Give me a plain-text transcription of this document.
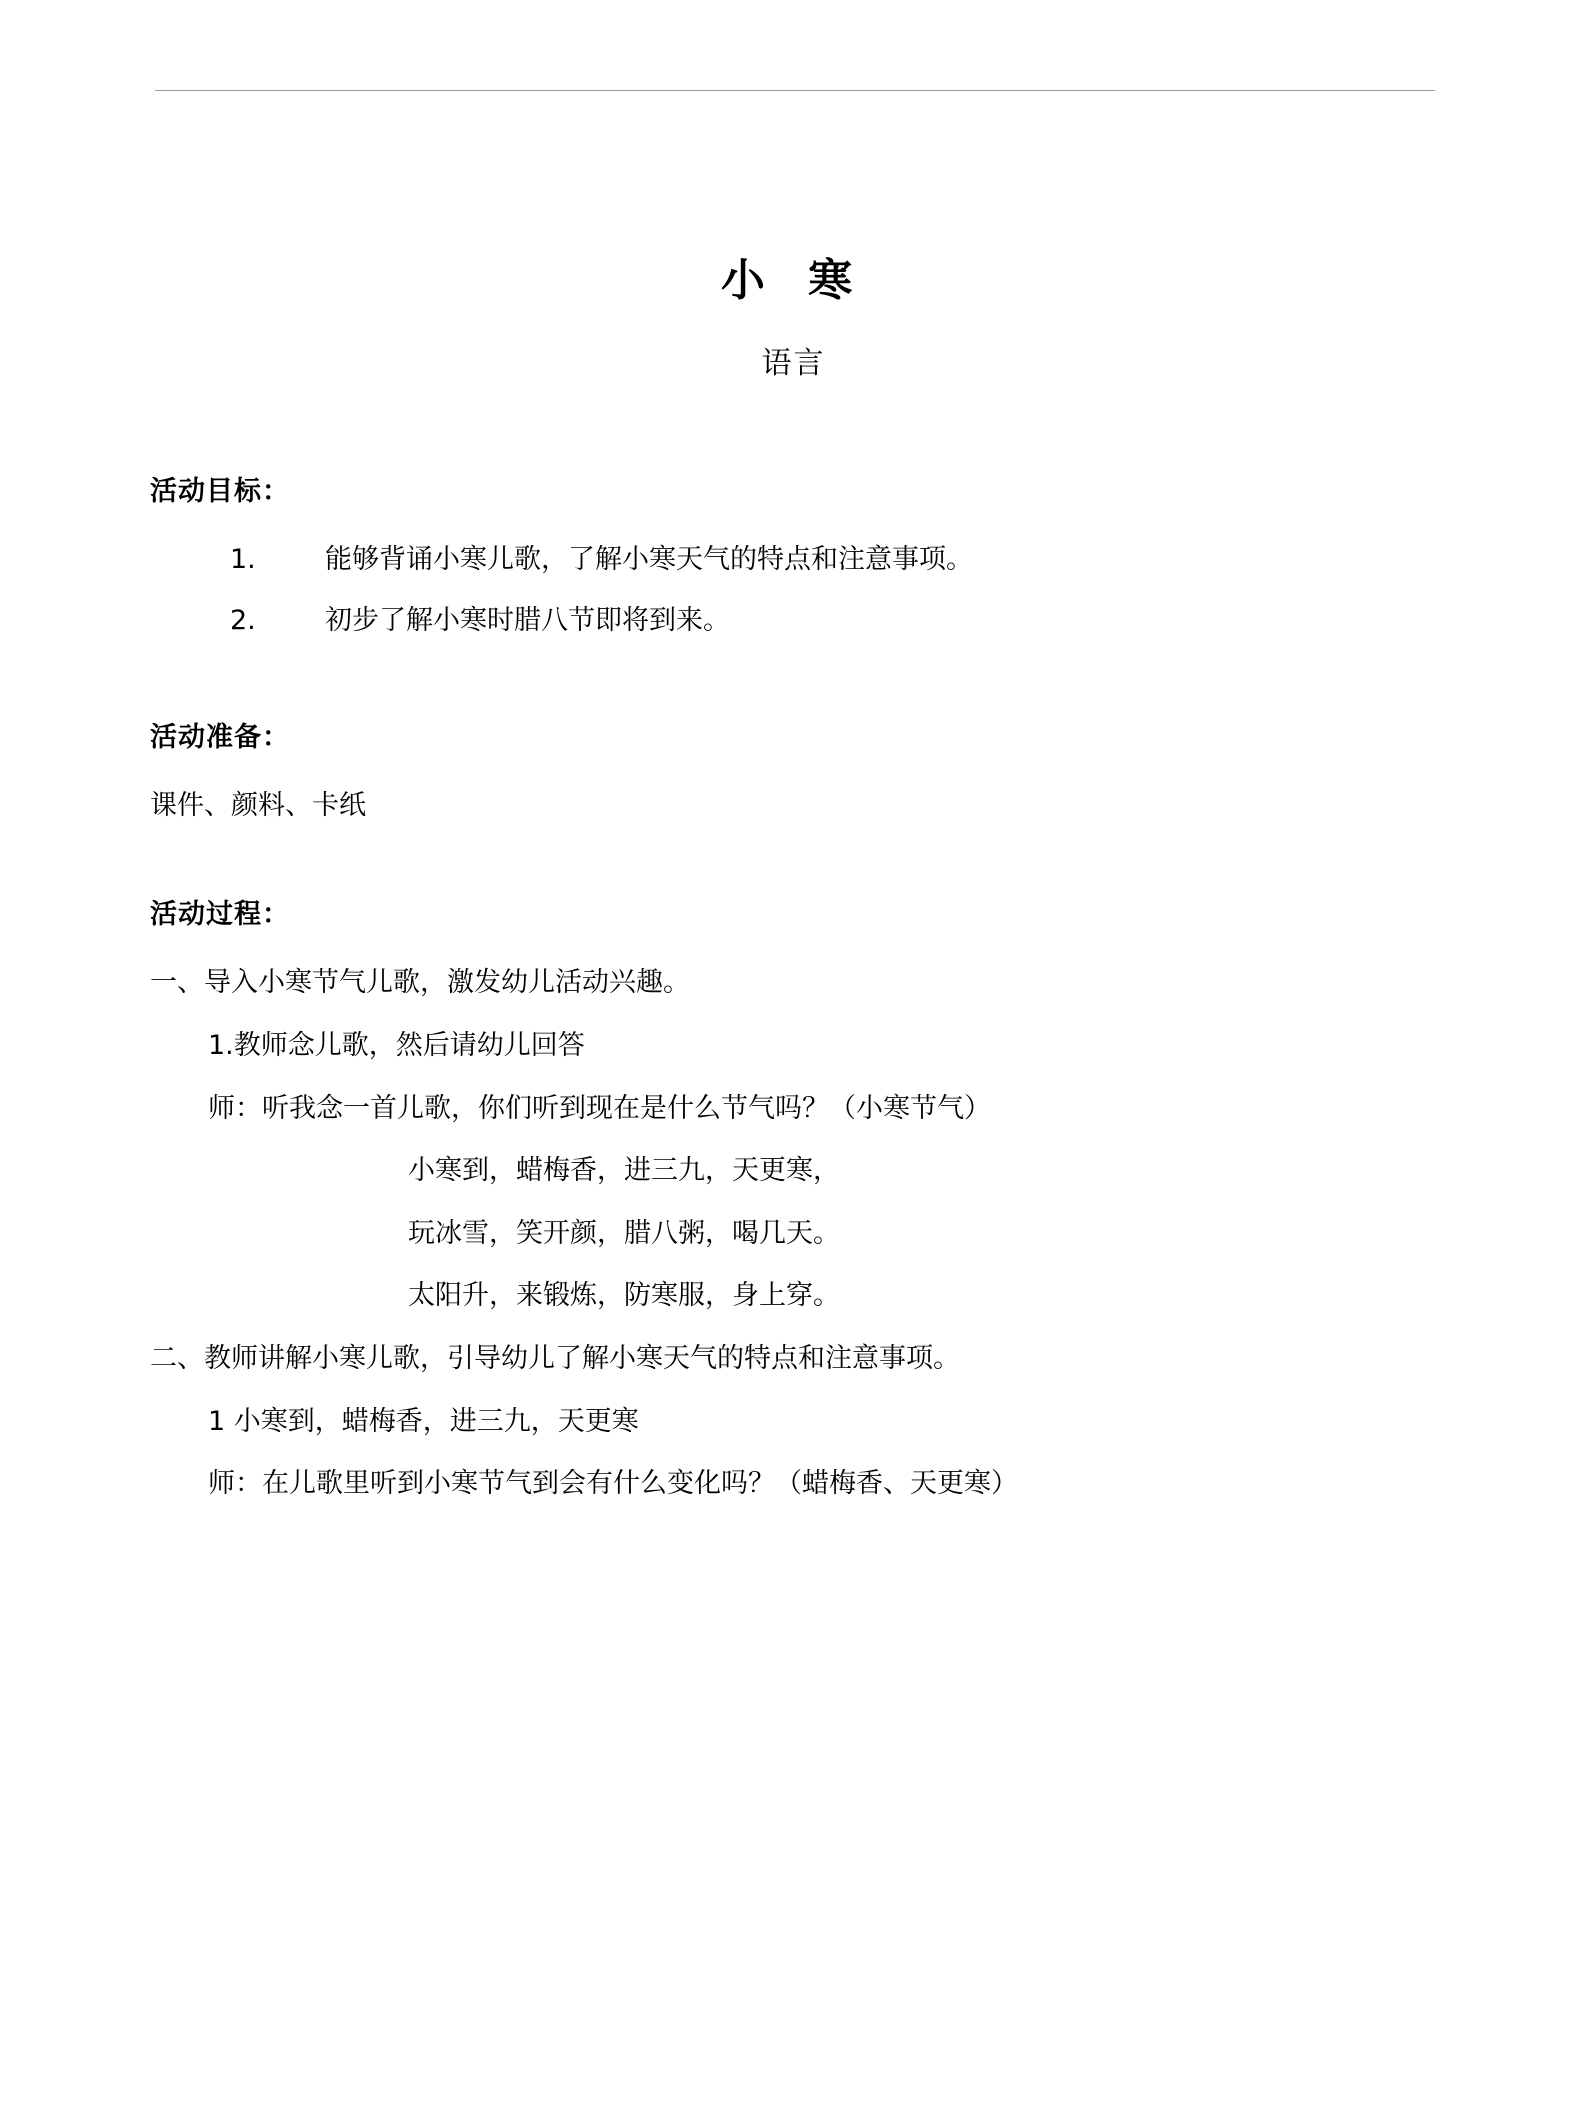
小 寒
语言
活动目标：
1.	能够背诵小寒儿歌，了解小寒天气的特点和注意事项。
2.	初步了解小寒时腊八节即将到来。
活动准备：

课件、颜料、卡纸

活动过程：

一、导入小寒节气儿歌，激发幼儿活动兴趣。

1.教师念儿歌，然后请幼儿回答

师：听我念一首儿歌，你们听到现在是什么节气吗？（小寒节气）

小寒到，蜡梅香，进三九，天更寒，

玩冰雪，笑开颜，腊八粥，喝几天。

太阳升，来锻炼，防寒服，身上穿。

二、教师讲解小寒儿歌，引导幼儿了解小寒天气的特点和注意事项。

1 小寒到，蜡梅香，进三九，天更寒

师：在儿歌里听到小寒节气到会有什么变化吗？（蜡梅香、天更寒）
